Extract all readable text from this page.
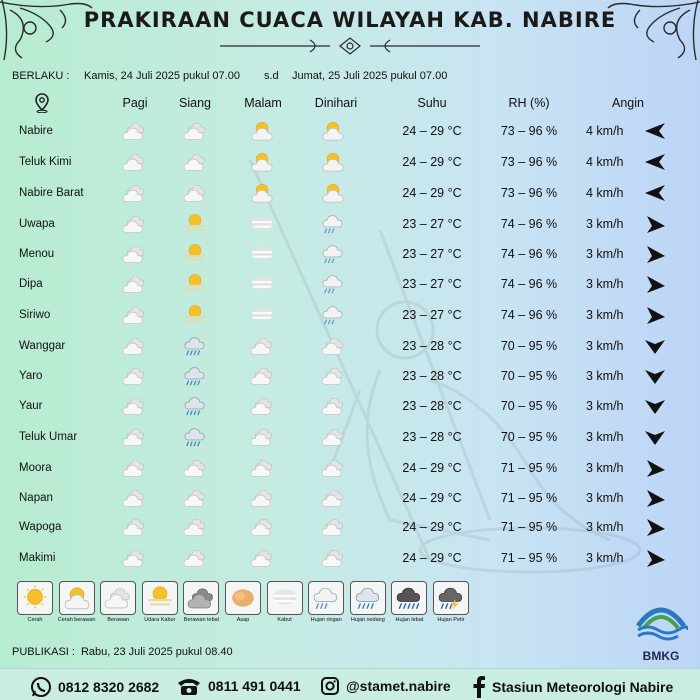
PRAKIRAAN CUACA WILAYAH KAB. NABIRE
BERLAKU :	Kamis, 24 Juli 2025 pukul 07.00	s.d	Jumat, 25 Juli 2025 pukul 07.00
Pagi	Siang	Malam	Dinihari	Suhu	RH (%)	Angin
Nabire	24 – 29 °C	73 – 96 %	4 km/h
Teluk Kimi	24 – 29 °C	73 – 96 %	4 km/h
Nabire Barat	24 – 29 °C	73 – 96 %	4 km/h
Uwapa	23 – 27 °C	74 – 96 %	3 km/h
Menou	23 – 27 °C	74 – 96 %	3 km/h
Dipa	23 – 27 °C	74 – 96 %	3 km/h
Siriwo	23 – 27 °C	74 – 96 %	3 km/h
Wanggar	23 – 28 °C	70 – 95 %	3 km/h
Yaro	23 – 28 °C	70 – 95 %	3 km/h
Yaur	23 – 28 °C	70 – 95 %	3 km/h
Teluk Umar	23 – 28 °C	70 – 95 %	3 km/h
Moora	24 – 29 °C	71 – 95 %	3 km/h
Napan	24 – 29 °C	71 – 95 %	3 km/h
Wapoga	24 – 29 °C	71 – 95 %	3 km/h
Makimi	24 – 29 °C	71 – 95 %	3 km/h
Cerah	Cerah berawan	Berawan	Udara Kabur	Berawan tebal	Asap	Kabut	Hujan ringan	Hujan sedang	Hujan lebat	Hujan Petir
BMKG
PUBLIKASI : Rabu, 23 Juli 2025 pukul 08.40
0812 8320 2682	0811 491 0441	@stamet.nabire	Stasiun Meteorologi Nabire
